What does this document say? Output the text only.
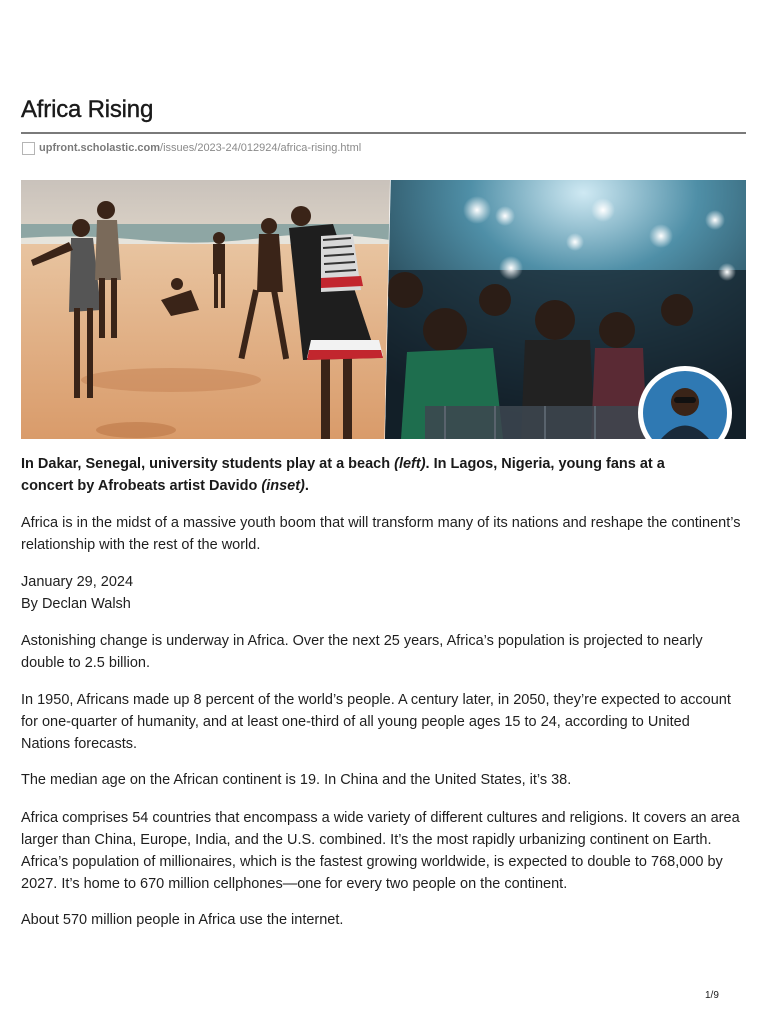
Africa Rising
upfront.scholastic.com /issues/2023-24/012924/africa-rising.html
In Dakar, Senegal, university students play at a beach (left). In Lagos, Nigeria, young fans at a concert by Afrobeats artist Davido (inset).

Africa is in the midst of a massive youth boom that will transform many of its nations and reshape the continent’s relationship with the rest of the world.

January 29, 2024
By Declan Walsh

Astonishing change is underway in Africa. Over the next 25 years, Africa’s population is projected to nearly double to 2.5 billion.

In 1950, Africans made up 8 percent of the world’s people. A century later, in 2050, they’re expected to account for one-quarter of humanity, and at least one-third of all young people ages 15 to 24, according to United Nations forecasts.

The median age on the African continent is 19. In China and the United States, it’s 38.

Africa comprises 54 countries that encompass a wide variety of different cultures and religions. It covers an area larger than China, Europe, India, and the U.S. combined. It’s the most rapidly urbanizing continent on Earth. Africa’s population of millionaires, which is the fastest growing worldwide, is expected to double to 768,000 by 2027. It’s home to 670 million cellphones—one for every two people on the continent.

About 570 million people in Africa use the internet.

1/9
